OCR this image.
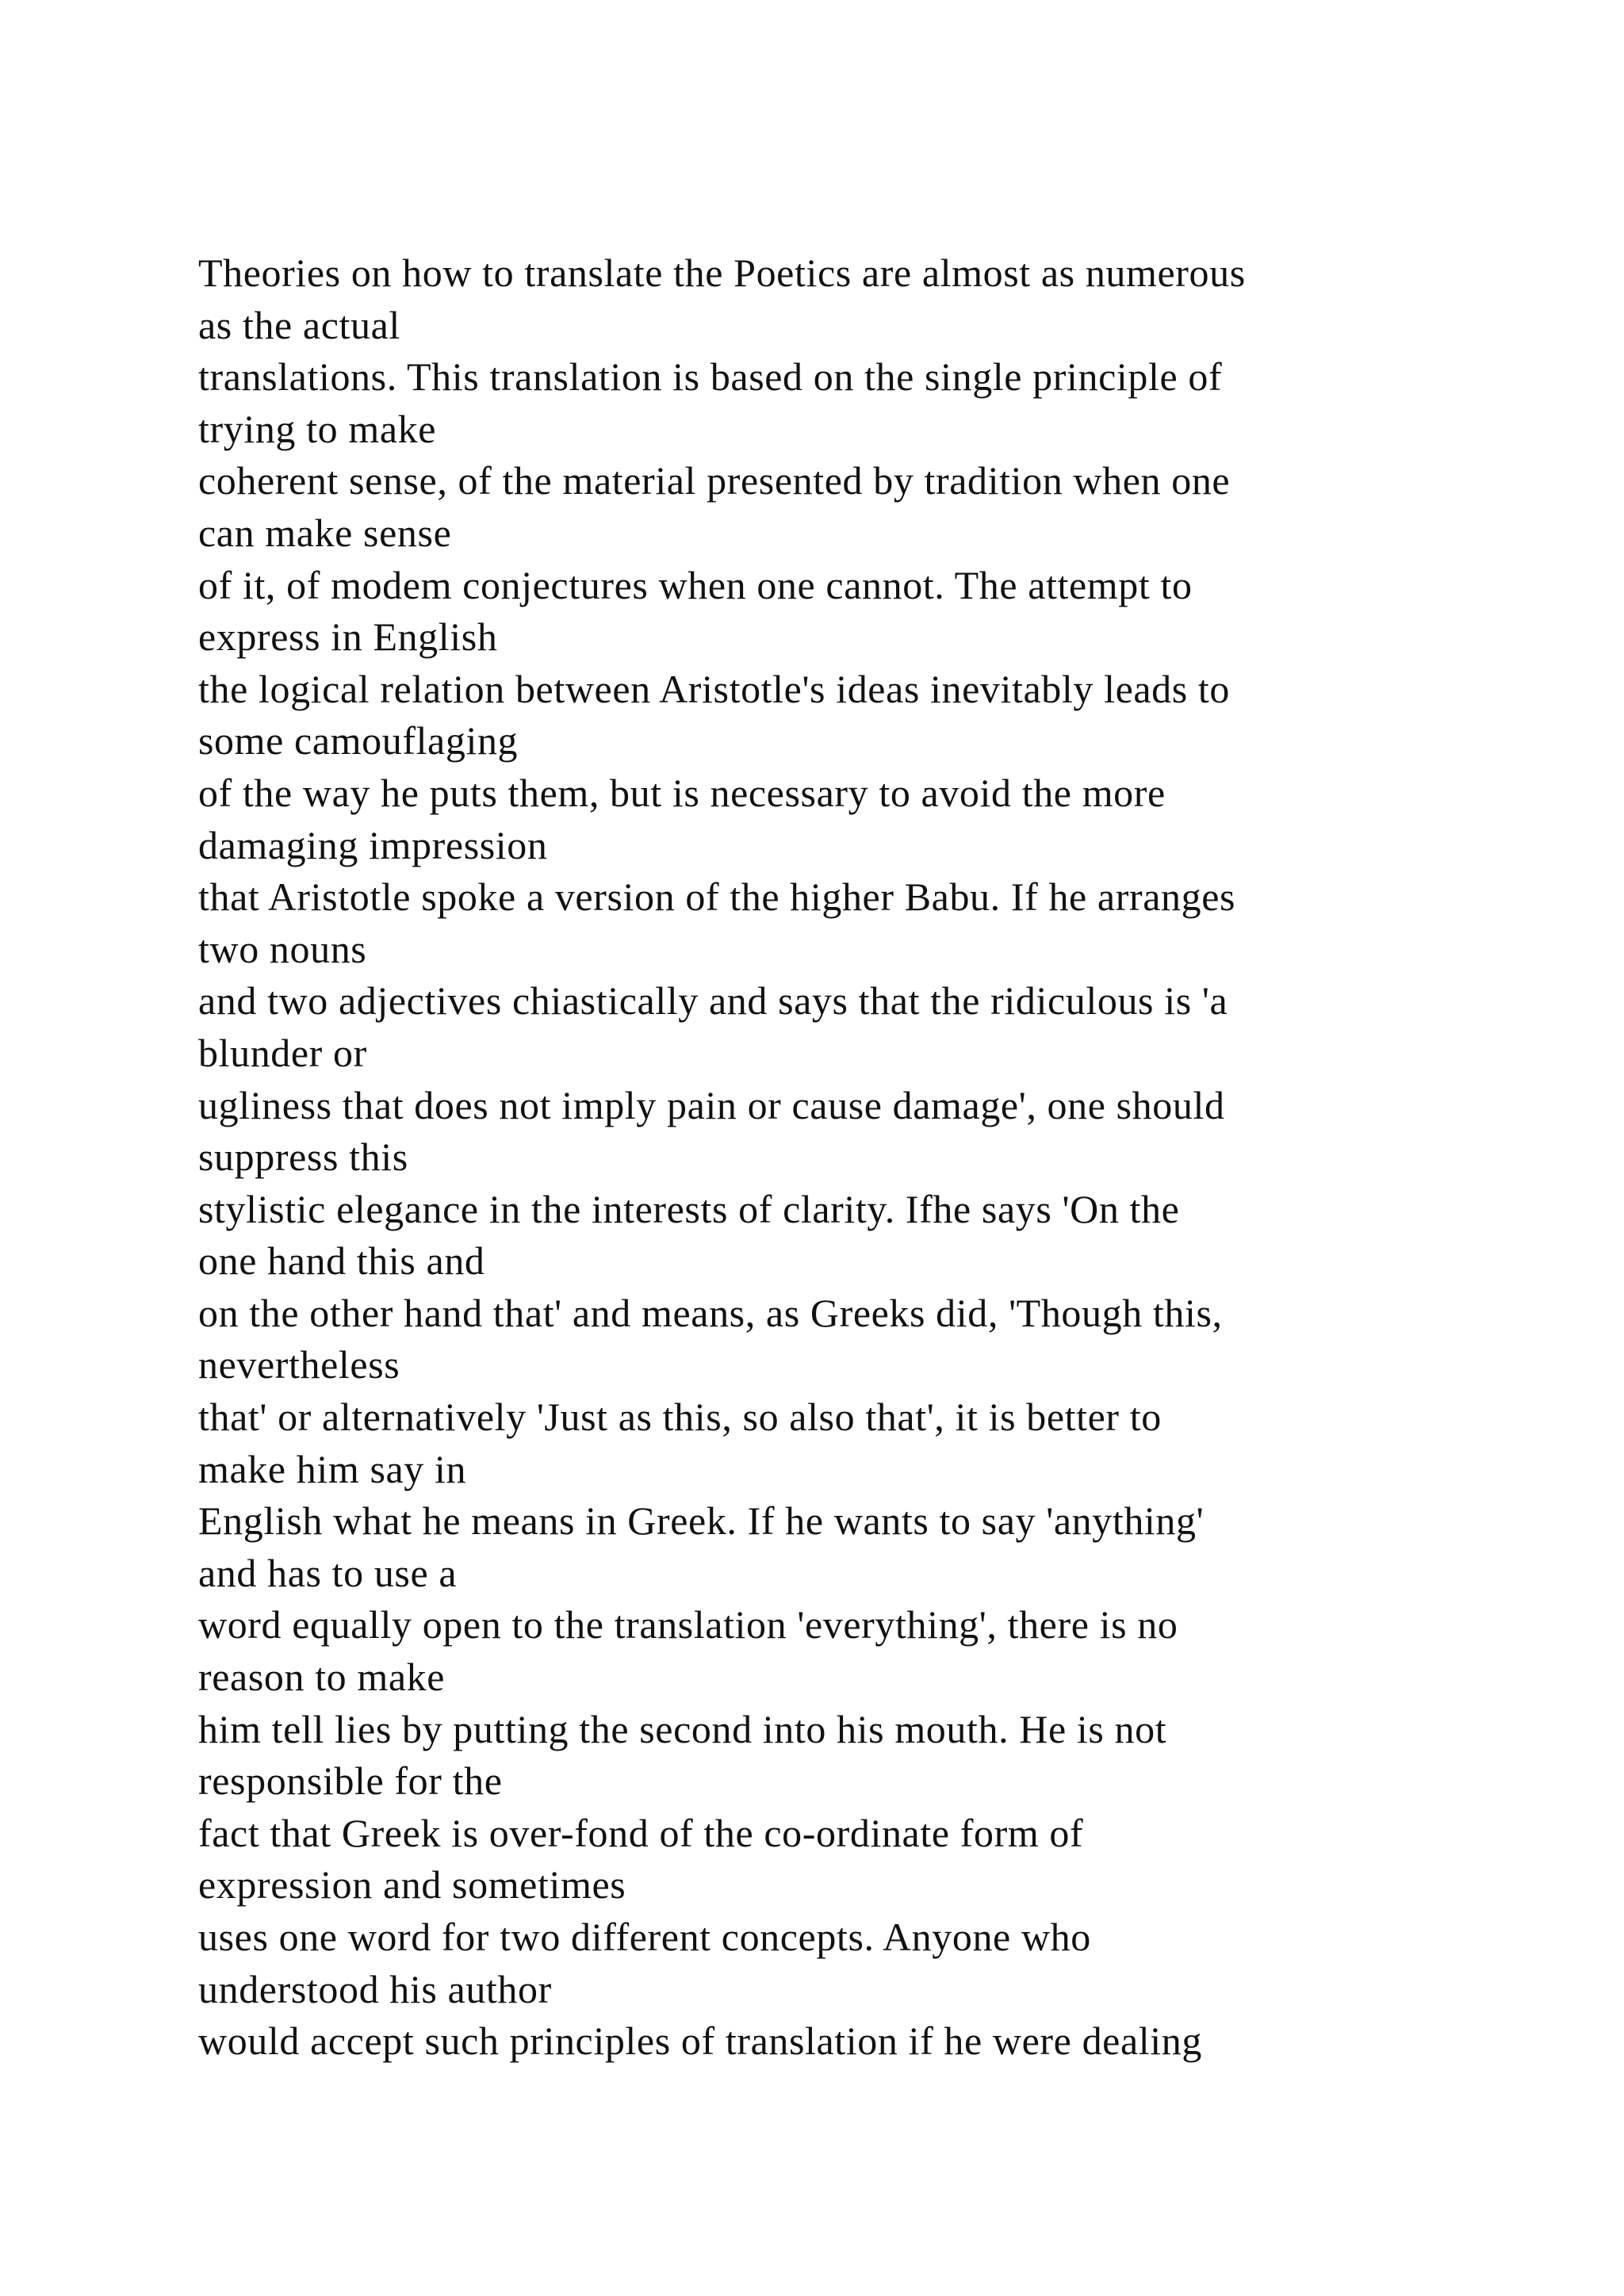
Theories on how to translate the Poetics are almost as numerous
as the actual
translations. This translation is based on the single principle of
trying to make
coherent sense, of the material presented by tradition when one
can make sense
of it, of modem conjectures when one cannot. The attempt to
express in English
the logical relation between Aristotle's ideas inevitably leads to
some camouflaging
of the way he puts them, but is necessary to avoid the more
damaging impression
that Aristotle spoke a version of the higher Babu. If he arranges
two nouns
and two adjectives chiastically and says that the ridiculous is 'a
blunder or
ugliness that does not imply pain or cause damage', one should
suppress this
stylistic elegance in the interests of clarity. Ifhe says 'On the
one hand this and
on the other hand that' and means, as Greeks did, 'Though this,
nevertheless
that' or alternatively 'Just as this, so also that', it is better to
make him say in
English what he means in Greek. If he wants to say 'anything'
and has to use a
word equally open to the translation 'everything', there is no
reason to make
him tell lies by putting the second into his mouth. He is not
responsible for the
fact that Greek is over-fond of the co-ordinate form of
expression and sometimes
uses one word for two different concepts. Anyone who
understood his author
would accept such principles of translation if he were dealing
